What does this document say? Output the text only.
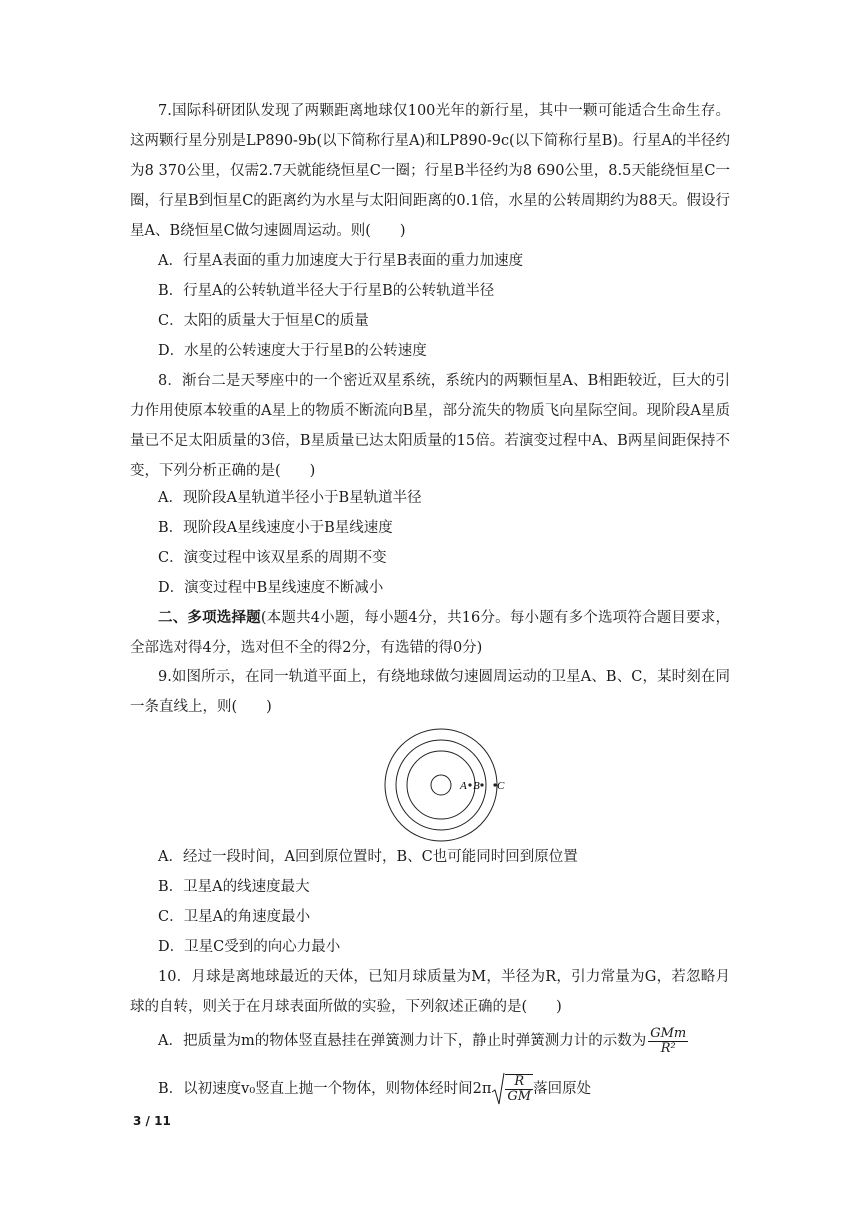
7.国际科研团队发现了两颗距离地球仅100光年的新行星，其中一颗可能适合生命生存。这两颗行星分别是LP890-9b(以下简称行星A)和LP890-9c(以下简称行星B)。行星A的半径约为8 370公里，仅需2.7天就能绕恒星C一圈；行星B半径约为8 690公里，8.5天能绕恒星C一圈，行星B到恒星C的距离约为水星与太阳间距离的0.1倍，水星的公转周期约为88天。假设行星A、B绕恒星C做匀速圆周运动。则(　　)

A．行星A表面的重力加速度大于行星B表面的重力加速度
B．行星A的公转轨道半径大于行星B的公转轨道半径
C．太阳的质量大于恒星C的质量
D．水星的公转速度大于行星B的公转速度

8．渐台二是天琴座中的一个密近双星系统，系统内的两颗恒星A、B相距较近，巨大的引力作用使原本较重的A星上的物质不断流向B星，部分流失的物质飞向星际空间。现阶段A星质量已不足太阳质量的3倍，B星质量已达太阳质量的15倍。若演变过程中A、B两星间距保持不变，下列分析正确的是(　　)

A．现阶段A星轨道半径小于B星轨道半径
B．现阶段A星线速度小于B星线速度
C．演变过程中该双星系的周期不变
D．演变过程中B星线速度不断减小

二、多项选择题(本题共4小题，每小题4分，共16分。每小题有多个选项符合题目要求，全部选对得4分，选对但不全的得2分，有选错的得0分)

9.如图所示，在同一轨道平面上，有绕地球做匀速圆周运动的卫星A、B、C，某时刻在同一条直线上，则(　　)

A B C
A．经过一段时间，A回到原位置时，B、C也可能同时回到原位置
B．卫星A的线速度最大
C．卫星A的角速度最小
D．卫星C受到的向心力最小

10．月球是离地球最近的天体，已知月球质量为M，半径为R，引力常量为G，若忽略月球的自转，则关于在月球表面所做的实验，下列叙述正确的是(　　)

A．把质量为m的物体竖直悬挂在弹簧测力计下，静止时弹簧测力计的示数为 $\frac{\text{GMm}}{\text{R²}}$
B．以初速度v₀竖直上抛一个物体，则物体经时间$2\pi \frac{R}{GM}$ 落回原处
3 / 11
